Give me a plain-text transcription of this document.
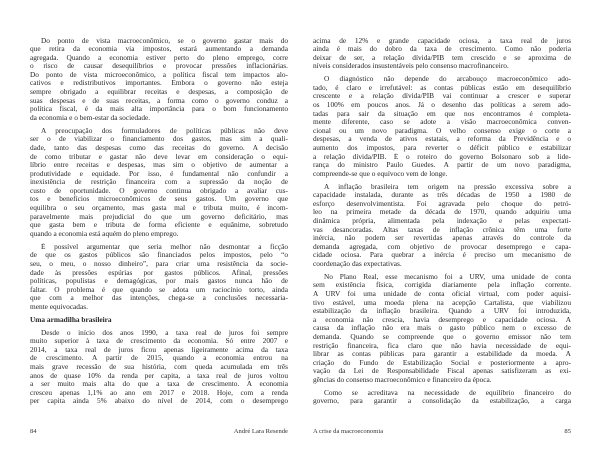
Do ponto de vista macroeconômico, se o governo gastar mais do
que retira da economia via impostos, estará aumentando a demanda
agregada. Quando a economia estiver perto do pleno emprego, corre
o risco de causar desequilíbrios e provocar pressões inflacionárias.
Do ponto de vista microeconômico, a política fiscal tem impactos alo-
cativos e redistributivos importantes. Embora o governo não esteja
sempre obrigado a equilibrar receitas e despesas, a composição de
suas despesas e de suas receitas, a forma como o governo conduz a
política fiscal, é da mais alta importância para o bom funcionamento
da economia e o bem-estar da sociedade.
A preocupação dos formuladores de políticas públicas não deve
ser o de viabilizar o financiamento dos gastos, mas sim a quali-
dade, tanto das despesas como das receitas do governo. A decisão
de como tributar e gastar não deve levar em consideração o equi-
líbrio entre receitas e despesas, mas sim o objetivo de aumentar a
produtividade e equidade. Por isso, é fundamental não confundir a
inexistência de restrição financeira com a supressão da noção de
custo de oportunidade. O governo continua obrigado a avaliar cus-
tos e benefícios microeconômicos de seus gastos. Um governo que
equilibra o seu orçamento, mas gasta mal e tributa muito, é incom-
paravelmente mais prejudicial do que um governo deficitário, mas
que gasta bem e tributa de forma eficiente e equânime, sobretudo
quando a economia está aquém do pleno emprego.
É possível argumentar que seria melhor não desmontar a ficção
de que os gastos públicos são financiados pelos impostos, pelo “o
seu, o meu, o nosso dinheiro”, para criar uma resistência da socie-
dade às pressões espúrias por gastos públicos. Afinal, pressões
políticas, populistas e demagógicas, por mais gastos nunca hão de
faltar. O problema é que quando se adota um raciocínio torto, ainda
que com a melhor das intenções, chega-se a conclusões necessaria-
mente equivocadas.
Uma armadilha brasileira
Desde o início dos anos 1990, a taxa real de juros foi sempre
muito superior à taxa de crescimento da economia. Só entre 2007 e
2014, a taxa real de juros ficou apenas ligeiramente acima da taxa
de crescimento. A partir de 2015, quando a economia entrou na
mais grave recessão de sua história, com queda acumulada em três
anos de quase 10% da renda per capita, a taxa real de juros voltou
a ser muito mais alta do que a taxa de crescimento. A economia
cresceu apenas 1,1% ao ano em 2017 e 2018. Hoje, com a renda
per capita ainda 5% abaixo do nível de 2014, com o desemprego
acima de 12% e grande capacidade ociosa, a taxa real de juros
ainda é mais do dobro da taxa de crescimento. Como não poderia
deixar de ser, a relação dívida/PIB tem crescido e se aproxima de
níveis considerados insustentáveis pelo consenso macrofinanceiro.
O diagnóstico não depende do arcabouço macroeconômico ado-
tado, é claro e irrefutável: as contas públicas estão em desequilíbrio
crescente e a relação dívida/PIB vai continuar a crescer e superar
os 100% em poucos anos. Já o desenho das políticas a serem ado-
tadas para sair da situação em que nos encontramos é completa-
mente diferente, caso se adote a visão macroeconômica conven-
cional ou um novo paradigma. O velho consenso exige o corte a
despesas, a venda de ativos estatais, a reforma da Previdência e o
aumento dos impostos, para reverter o déficit público e estabilizar
a relação dívida/PIB. É o roteiro do governo Bolsonaro sob a lide-
rança do ministro Paulo Guedes. A partir de um novo paradigma,
compreende-se que o equívoco vem de longe.
A inflação brasileira tem origem na pressão excessiva sobre a
capacidade instalada, durante as três décadas de 1950 a 1980 de
esforço desenvolvimentista. Foi agravada pelo choque do petró-
leo na primeira metade da década de 1970, quando adquiriu uma
dinâmica própria, alimentada pela indexação e pelas expectati-
vas desancoradas. Altas taxas de inflação crônica têm uma forte
inércia, não podem ser revertidas apenas através do controle da
demanda agregada, com objetivo de provocar desemprego e capa-
cidade ociosa. Para quebrar a inércia é preciso um mecanismo de
coordenação das expectativas.
No Plano Real, esse mecanismo foi a URV, uma unidade de conta
sem existência física, corrigida diariamente pela inflação corrente.
A URV foi uma unidade de conta oficial virtual, com poder aquisi-
tivo estável, uma moeda plena na acepção Cartalista, que viabilizou
estabilização da inflação brasileira. Quando a URV foi introduzida,
a economia não crescia, havia desemprego e capacidade ociosa. A
causa da inflação não era mais o gasto público nem o excesso de
demanda. Quando se compreende que o governo emissor não tem
restrição financeira, fica claro que não havia necessidade de equi-
librar as contas públicas para garantir a estabilidade da moeda. A
criação do Fundo de Estabilização Social e posteriormente a apro-
vação da Lei de Responsabilidade Fiscal apenas satisfizeram as exi-
gências do consenso macroeconômico e financeiro da época.
Como se acreditava na necessidade de equilíbrio financeiro do
governo, para garantir a consolidação da estabilização, a carga
84	André Lara Resende	A crise da macroeconomia	85
